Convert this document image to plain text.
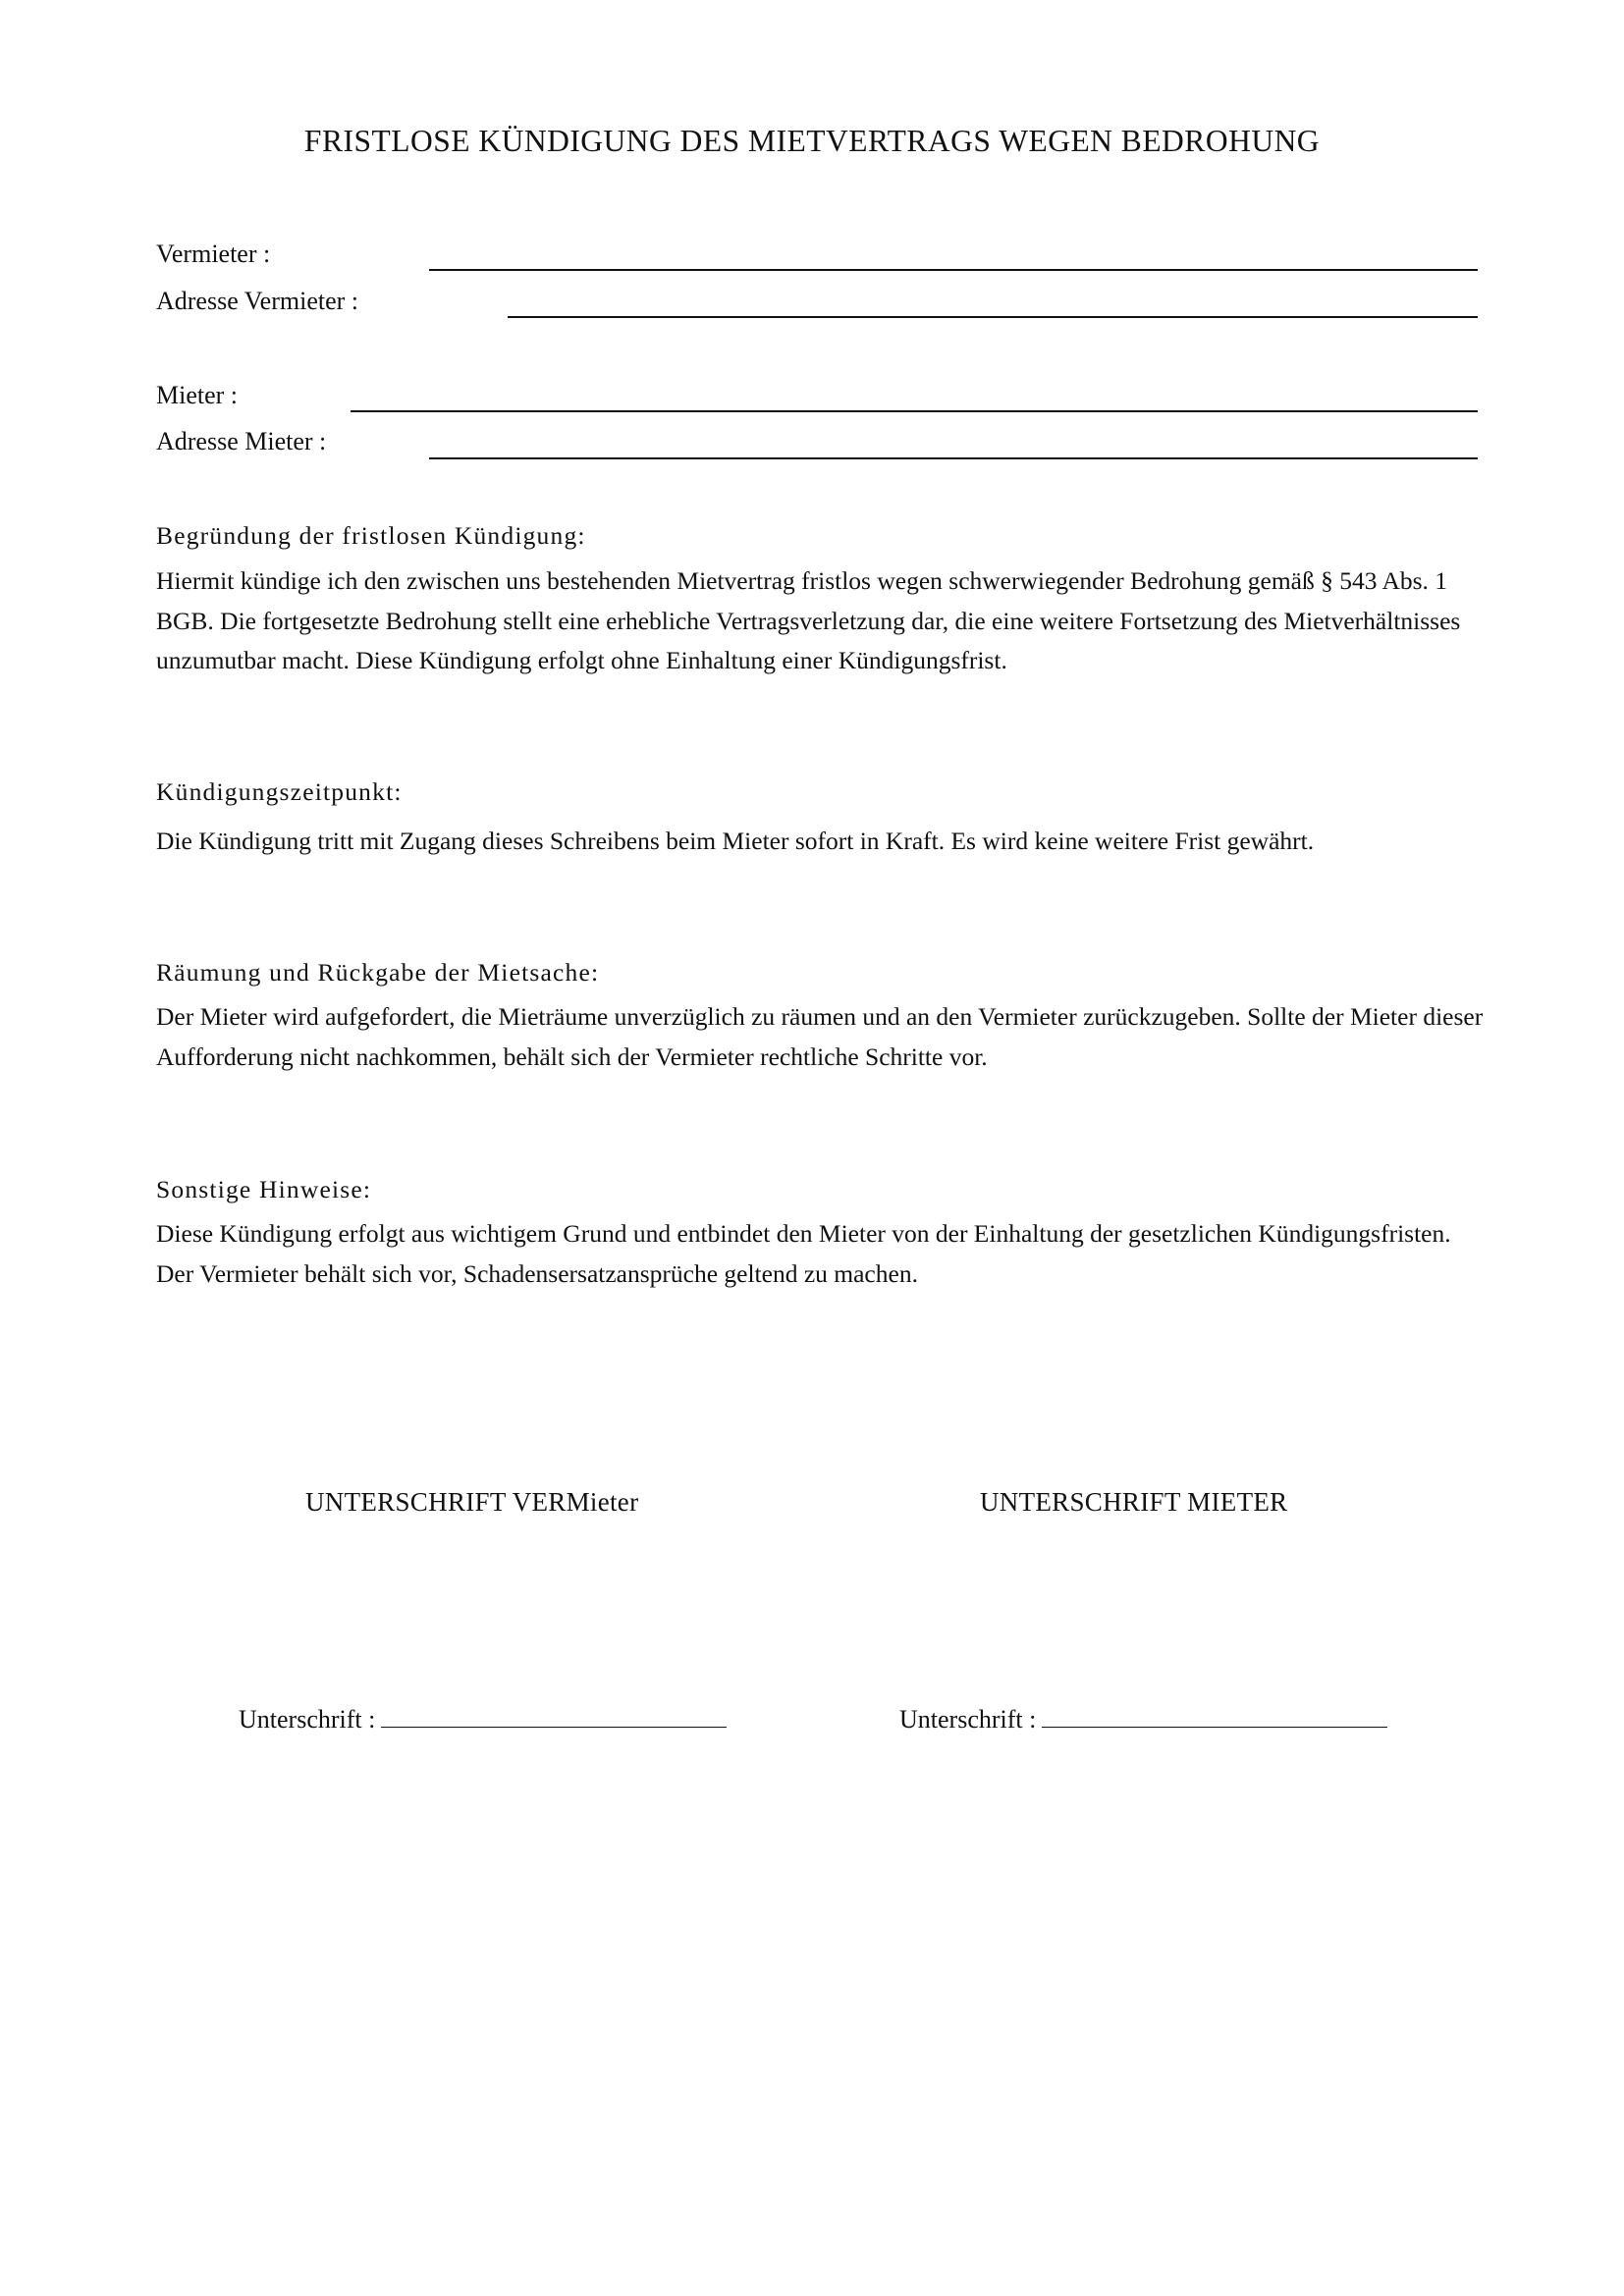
FRISTLOSE KÜNDIGUNG DES MIETVERTRAGS WEGEN BEDROHUNG
Vermieter :
Adresse Vermieter :
Mieter :
Adresse Mieter :
Begründung der fristlosen Kündigung:

Hiermit kündige ich den zwischen uns bestehenden Mietvertrag fristlos wegen schwerwiegender Bedrohung gemäß § 543 Abs. 1 BGB. Die fortgesetzte Bedrohung stellt eine erhebliche Vertragsverletzung dar, die eine weitere Fortsetzung des Mietverhältnisses unzumutbar macht. Diese Kündigung erfolgt ohne Einhaltung einer Kündigungsfrist.

Kündigungszeitpunkt:

Die Kündigung tritt mit Zugang dieses Schreibens beim Mieter sofort in Kraft. Es wird keine weitere Frist gewährt.

Räumung und Rückgabe der Mietsache:

Der Mieter wird aufgefordert, die Mieträume unverzüglich zu räumen und an den Vermieter zurückzugeben. Sollte der Mieter dieser Aufforderung nicht nachkommen, behält sich der Vermieter rechtliche Schritte vor.

Sonstige Hinweise:

Diese Kündigung erfolgt aus wichtigem Grund und entbindet den Mieter von der Einhaltung der gesetzlichen Kündigungsfristen. Der Vermieter behält sich vor, Schadensersatzansprüche geltend zu machen.

UNTERSCHRIFT VERMieter	UNTERSCHRIFT MIETER
Unterschrift :	Unterschrift :
